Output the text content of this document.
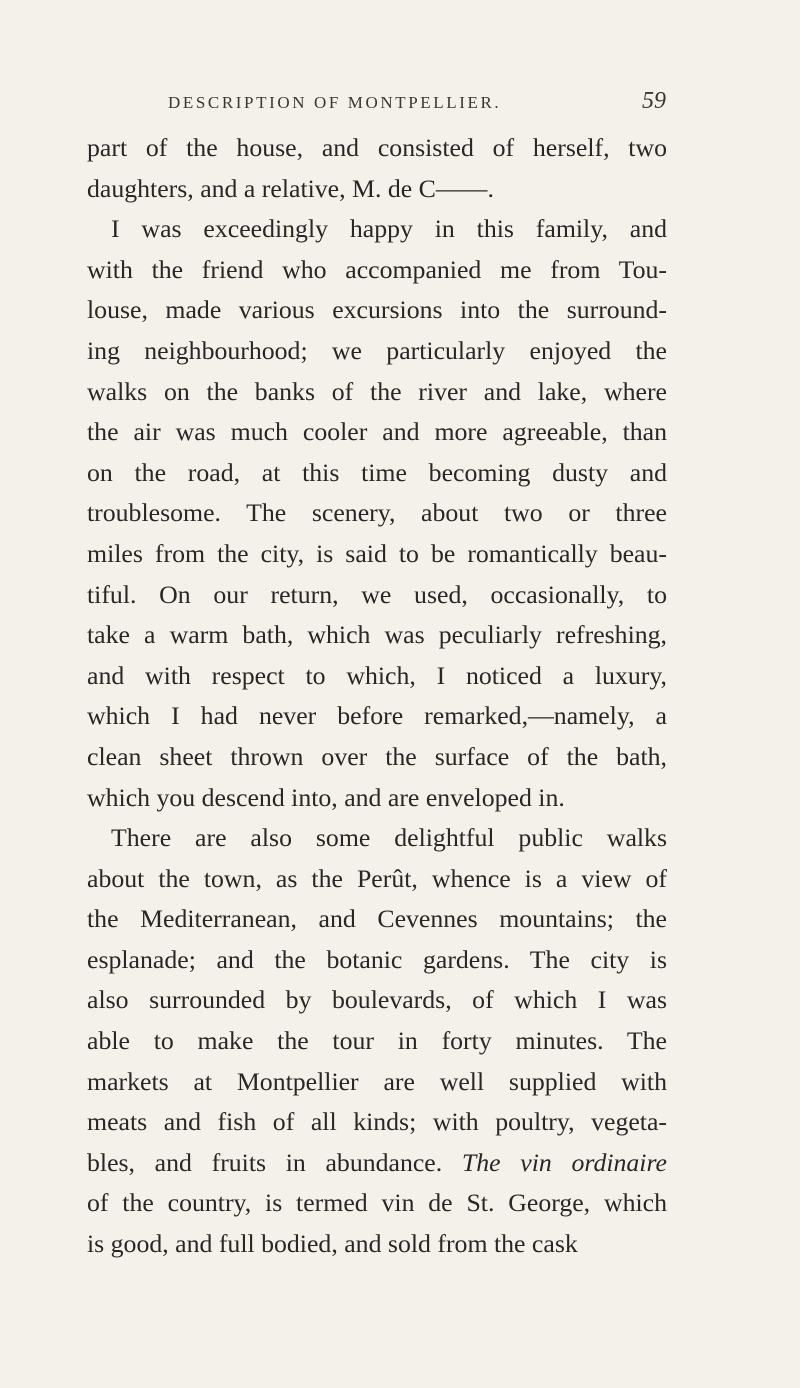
DESCRIPTION OF MONTPELLIER.	59
part of the house, and consisted of herself, two
daughters, and a relative, M. de C——.
I was exceedingly happy in this family, and
with the friend who accompanied me from Tou-
louse, made various excursions into the surround-
ing neighbourhood; we particularly enjoyed the
walks on the banks of the river and lake, where
the air was much cooler and more agreeable, than
on the road, at this time becoming dusty and
troublesome. The scenery, about two or three
miles from the city, is said to be romantically beau-
tiful. On our return, we used, occasionally, to
take a warm bath, which was peculiarly refreshing,
and with respect to which, I noticed a luxury,
which I had never before remarked,—namely, a
clean sheet thrown over the surface of the bath,
which you descend into, and are enveloped in.
There are also some delightful public walks
about the town, as the Perût, whence is a view of
the Mediterranean, and Cevennes mountains; the
esplanade; and the botanic gardens. The city is
also surrounded by boulevards, of which I was
able to make the tour in forty minutes. The
markets at Montpellier are well supplied with
meats and fish of all kinds; with poultry, vegeta-
bles, and fruits in abundance. The vin ordinaire
of the country, is termed vin de St. George, which
is good, and full bodied, and sold from the cask
